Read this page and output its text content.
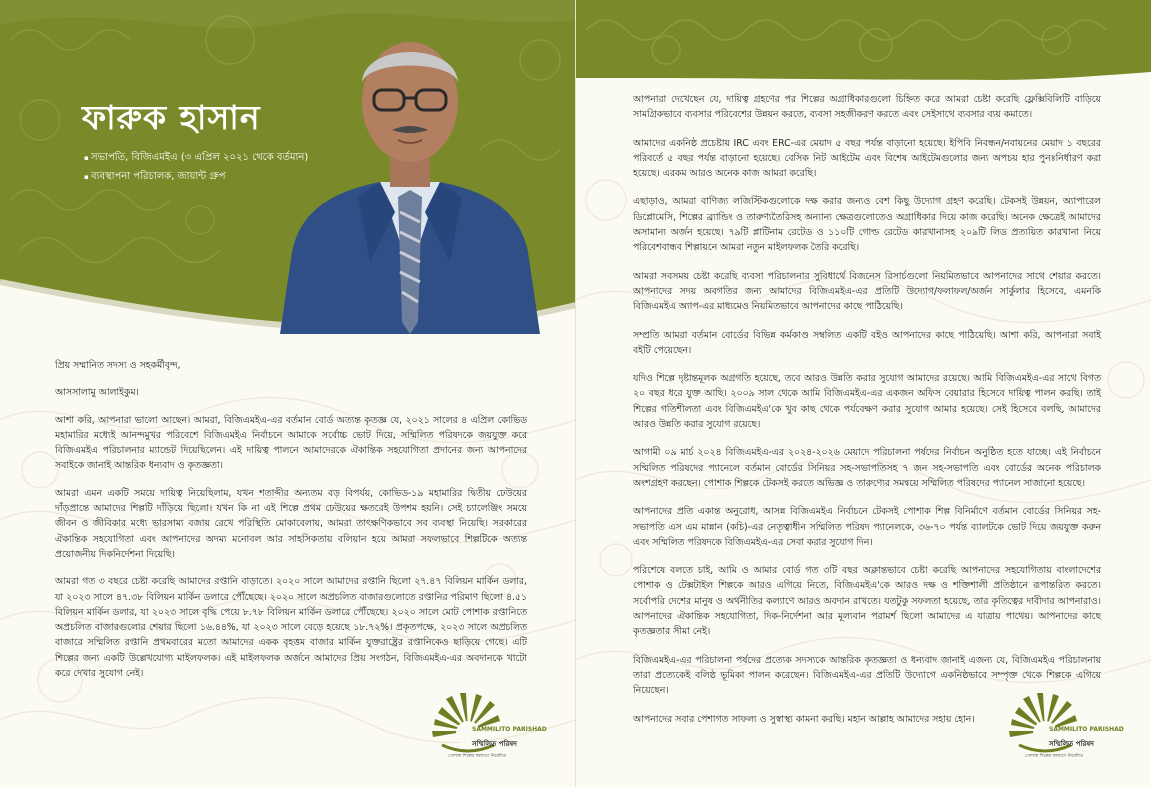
ফারুক হাসান
▪ সভাপতি, বিজিএমইএ (৩ এপ্রিল ২০২১ থেকে বর্তমান)
▪ ব্যবস্থাপনা পরিচালক, জায়ান্ট গ্রুপ

প্রিয় সম্মানিত সদস্য ও সহকর্মীবৃন্দ,

আসসালামু আলাইকুম।

আশা করি, আপনারা ভালো আছেন। আমরা, বিজিএমইএ-এর বর্তমান বোর্ড অত্যন্ত কৃতজ্ঞ যে, ২০২১ সালের ৪ এপ্রিল কোভিড মহামারির মধ্যেই আনন্দমুখর পরিবেশে বিজিএমইএ নির্বাচনে আমাকে সর্বোচ্চ ভোট দিয়ে, সম্মিলিত পরিষদকে জয়যুক্ত করে বিজিএমইএ পরিচালনার ম্যান্ডেট দিয়েছিলেন। এই দায়িত্ব পালনে আমাদেরকে ঐকান্তিক সহযোগিতা প্রদানের জন্য আপনাদের সবাইকে জানাই আন্তরিক ধন্যবাদ ও কৃতজ্ঞতা।

আমরা এমন একটি সময়ে দায়িত্ব নিয়েছিলাম, যখন শতাব্দীর অন্যতম বড় বিপর্যয়, কোভিড-১৯ মহামারির দ্বিতীয় ঢেউয়ের দাঁড়প্রান্তে আমাদের শিল্পটি দাঁড়িয়ে ছিলো। যখন কি না এই শিল্পে প্রথম ঢেউয়ের ক্ষতরেই উপশম হয়নি। সেই চ্যালেঞ্জিং সময়ে জীবন ও জীবিকার মধ্যে ভারসাম্য বজায় রেখে পরিস্থিতি মোকাবেলায়, আমরা তাৎক্ষণিকভাবে সব ব্যবস্থা নিয়েছি। সরকারের ঐকান্তিক সহযোগিতা এবং আপনাদের অদম্য মনোবল আর সাহসিকতায় বলিয়ান হয়ে আমরা সফলভাবে শিল্পটিকে অত্যন্ত প্রয়োজনীয় দিকনির্দেশনা দিয়েছি।

আমরা গত ৩ বছরে চেষ্টা করেছি আমাদের রপ্তানি বাড়াতে। ২০২০ সালে আমাদের রপ্তানি ছিলো ২৭.৪৭ বিলিয়ন মার্কিন ডলার, যা ২০২৩ সালে ৪৭.৩৮ বিলিয়ন মার্কিন ডলারে পৌঁছেছে। ২০২০ সালে অপ্রচলিত বাজারগুলোতে রপ্তানির পরিমাণ ছিলো ৪.৫১ বিলিয়ন মার্কিন ডলার, যা ২০২৩ সালে বৃদ্ধি পেয়ে ৮.৭৮ বিলিয়ন মার্কিন ডলারে পৌঁছেছে। ২০২০ সালে মোট পোশাক রপ্তানিতে অপ্রচলিত বাজারগুলোর শেয়ার ছিলো ১৬.৪৪%, যা ২০২৩ সালে বেড়ে হয়েছে ১৮.৭২%। প্রকৃতপক্ষে, ২০২৩ সালে অপ্রচলিত বাজারে সম্মিলিত রপ্তানি প্রথমবারের মতো আমাদের একক বৃহত্তম বাজার মার্কিন যুক্তরাষ্ট্রের রপ্তানিকেও ছাড়িয়ে গেছে। এটি শিল্পের জন্য একটি উল্লেখযোগ্য মাইলফলক। এই মাইলফলক অর্জনে আমাদের প্রিয় সংগঠন, বিজিএমইএ-এর অবদানকে খাটো করে দেখার সুযোগ নেই।

SAMMILITO PARISHAD
সম্মিলিত পরিষদ
পোশাক শিল্পের কল্যাণে নিবেদিত

আপনারা দেখেছেন যে, দায়িত্ব গ্রহণের পর শিল্পের অগ্রাধিকারগুলো চিহ্নিত করে আমরা চেষ্টা করেছি ফ্লেক্সিবিলিটি বাড়িয়ে সামগ্রিকভাবে ব্যবসার পরিবেশের উন্নয়ন করতে, ব্যবসা সহজীকরণ করতে এবং সেইসাথে ব্যবসার ব্যয় কমাতে।

আমাদের একনিষ্ঠ প্রচেষ্টায় IRC এবং ERC-এর মেয়াদ ৫ বছর পর্যন্ত বাড়ানো হয়েছে। ইপিবি নিবন্ধন/নবায়নের মেয়াদ ১ বছরের পরিবর্তে ৫ বছর পর্যন্ত বাড়ানো হয়েছে। বেসিক নিট আইটেম এবং বিশেষ আইটেমগুলোর জন্য অপচয় হার পুনঃনির্ধারণ করা হয়েছে। এরকম আরও অনেক কাজ আমরা করেছি।

এছাড়াও, আমরা বাণিজ্য লজিস্টিকগুলোকে দক্ষ করার জন্যও বেশ কিছু উদ্যোগ গ্রহণ করেছি। টেকসই উন্নয়ন, অ্যাপারেল ডিপ্লোমেসি, শিল্পের ব্র্যান্ডিং ও তারুণ্যতৈরিসহ অন্যান্য ক্ষেত্রগুলোতেও অগ্রাধিকার দিয়ে কাজ করেছি। অনেক ক্ষেত্রেই আমাদের অসামান্য অর্জন হয়েছে। ৭৯টি প্লাটিনাম রেটেড ও ১১০টি গোল্ড রেটেড কারখানাসহ ২০৯টি লিড প্রত্যয়িত কারখানা নিয়ে পরিবেশবান্ধব শিল্পায়নে আমরা নতুন মাইলফলক তৈরি করেছি।

আমরা সবসময় চেষ্টা করেছি ব্যবসা পরিচালনার সুবিধার্থে বিজনেস রিসার্চগুলো নিয়মিতভাবে আপনাদের সাথে শেয়ার করতে। আপনাদের সদয় অবগতির জন্য আমাদের বিজিএমইএ-এর প্রতিটি উদ্যোগ/ফলাফল/অর্জন সার্কুলার হিসেবে, এমনকি বিজিএমইএ অ্যাপ-এর মাধ্যমেও নিয়মিতভাবে আপনাদের কাছে পাঠিয়েছি।

সম্প্রতি আমরা বর্তমান বোর্ডের বিভিন্ন কর্মকাণ্ড সম্বলিত একটি বইও আপনাদের কাছে পাঠিয়েছি। আশা করি, আপনারা সবাই বইটি পেয়েছেন।

যদিও শিল্পে দৃষ্টান্তমূলক অগ্রগতি হয়েছে, তবে আরও উন্নতি করার সুযোগ আমাদের রয়েছে। আমি বিজিএমইএ-এর সাথে বিগত ২০ বছর ধরে যুক্ত আছি। ২০০৯ সাল থেকে আমি বিজিএমইএ-এর একজন অফিস বেয়ারার হিসেবে দায়িত্ব পালন করছি। তাই শিল্পের গতিশীলতা এবং বিজিএমইএ'কে খুব কাছ থেকে পর্যবেক্ষণ করার সুযোগ আমার হয়েছে। সেই হিসেবে বলছি, আমাদের আরও উন্নতি করার সুযোগ রয়েছে।

আগামী ০৯ মার্চ ২০২৪ বিজিএমইএ-এর ২০২৪-২০২৬ মেয়াদে পরিচালনা পর্ষদের নির্বাচন অনুষ্ঠিত হতে যাচ্ছে। এই নির্বাচনে সম্মিলিত পরিষদের প্যানেলে বর্তমান বোর্ডের সিনিয়র সহ-সভাপতিসহ ৭ জন সহ-সভাপতি এবং বোর্ডের অনেক পরিচালক অংশগ্রহণ করছেন। পোশাক শিল্পকে টেকসই করতে অভিজ্ঞ ও তারুণ্যের সমন্বয়ে সম্মিলিত পরিষদের প্যানেল সাজানো হয়েছে।

আপনাদের প্রতি একান্ত অনুরোধ, আসন্ন বিজিএমইএ নির্বাচনে টেকসই পোশাক শিল্প বিনির্মাণে বর্তমান বোর্ডের সিনিয়র সহ-সভাপতি এস এম মান্নান (কচি)-এর নেতৃত্বাধীন সম্মিলিত পরিষদ প্যানেলকে, ৩৬-৭০ পর্যন্ত ব্যালটকে ভোট দিয়ে জয়যুক্ত করুন এবং সম্মিলিত পরিষদকে বিজিএমইএ-এর সেবা করার সুযোগ দিন।

পরিশেষে বলতে চাই, আমি ও আমার বোর্ড গত ৩টি বছর অক্লান্তভাবে চেষ্টা করেছি আপনাদের সহযোগিতায় বাংলাদেশের পোশাক ও টেক্সটাইল শিল্পকে আরও এগিয়ে নিতে, বিজিএমইএ'কে আরও দক্ষ ও শক্তিশালী প্রতিষ্ঠানে রূপান্তরিত করতে। সর্বোপরি দেশের মানুষ ও অর্থনীতির কল্যাণে আরও অবদান রাখতে। যতটুকু সফলতা হয়েছে, তার কৃতিত্বের দাবীদার আপনারাও। আপনাদের ঐকান্তিক সহযোগিতা, দিক-নির্দেশনা আর মূল্যবান পরামর্শ ছিলো আমাদের এ যাত্রায় পাথেয়। আপনাদের কাছে কৃতজ্ঞতার সীমা নেই।

বিজিএমইএ-এর পরিচালনা পর্ষদের প্রত্যেক সদস্যকে আন্তরিক কৃতজ্ঞতা ও ধন্যবাদ জানাই এজন্য যে, বিজিএমইএ পরিচালনায় তারা প্রত্যেকেই বলিষ্ঠ ভূমিকা পালন করেছেন। বিজিএমইএ-এর প্রতিটি উদ্যোগে একনিষ্ঠভাবে সম্পৃক্ত থেকে শিল্পকে এগিয়ে নিয়েছেন।

আপনাদের সবার পেশাগত সাফল্য ও সুস্বাস্থ্য কামনা করছি। মহান আল্লাহ আমাদের সহায় হোন।

SAMMILITO PARISHAD
সম্মিলিত পরিষদ
পোশাক শিল্পের কল্যাণে নিবেদিত
